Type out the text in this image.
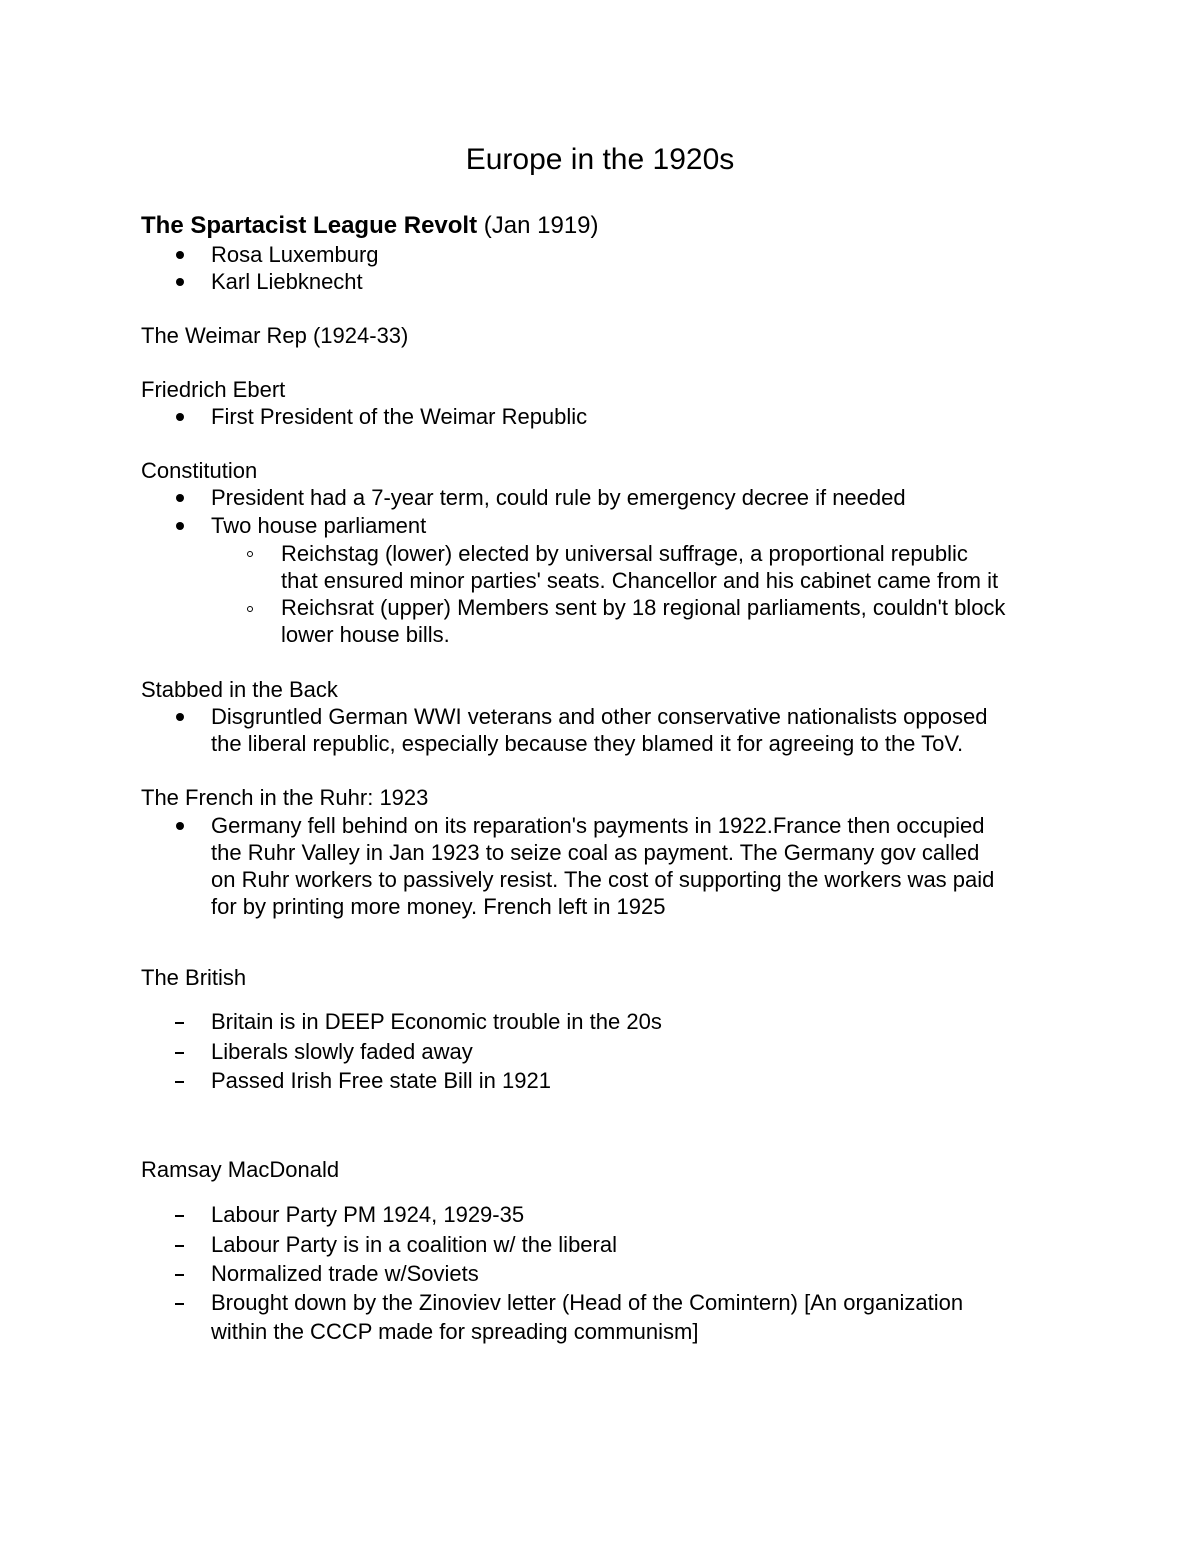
Europe in the 1920s
The Spartacist League Revolt (Jan 1919)
Rosa Luxemburg
Karl Liebknecht
The Weimar Rep (1924-33)
Friedrich Ebert
First President of the Weimar Republic
Constitution
President had a 7-year term, could rule by emergency decree if needed
Two house parliament
Reichstag (lower) elected by universal suffrage, a proportional republic
that ensured minor parties' seats. Chancellor and his cabinet came from it
Reichsrat (upper) Members sent by 18 regional parliaments, couldn't block
lower house bills.
Stabbed in the Back
Disgruntled German WWI veterans and other conservative nationalists opposed
the liberal republic, especially because they blamed it for agreeing to the ToV.
The French in the Ruhr: 1923
Germany fell behind on its reparation's payments in 1922.France then occupied
the Ruhr Valley in Jan 1923 to seize coal as payment. The Germany gov called
on Ruhr workers to passively resist. The cost of supporting the workers was paid
for by printing more money. French left in 1925
The British
Britain is in DEEP Economic trouble in the 20s
Liberals slowly faded away
Passed Irish Free state Bill in 1921
Ramsay MacDonald
Labour Party PM 1924, 1929-35
Labour Party is in a coalition w/ the liberal
Normalized trade w/Soviets
Brought down by the Zinoviev letter (Head of the Comintern) [An organization
within the CCCP made for spreading communism]
